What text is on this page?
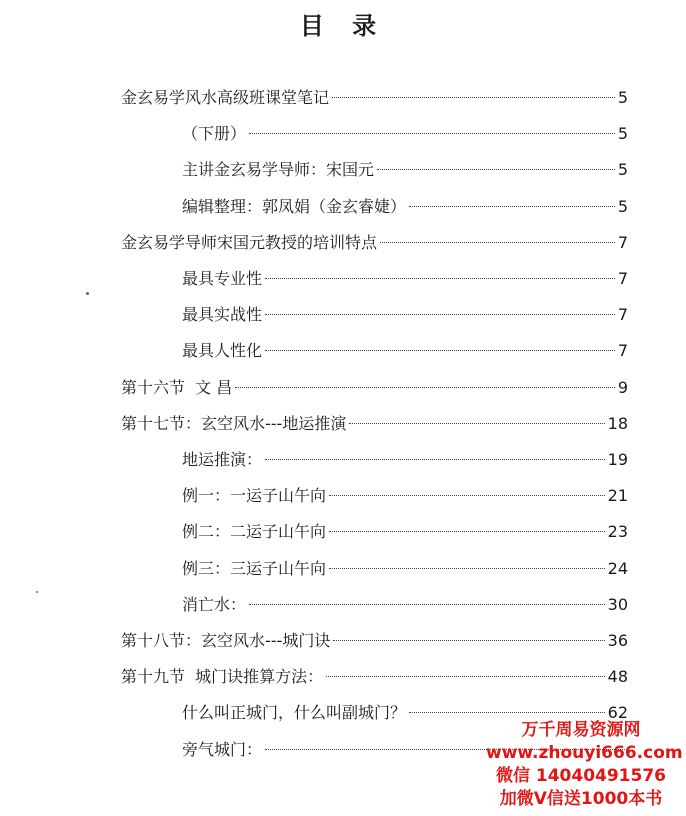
目 录
金玄易学风水高级班课堂笔记	5
（下册）	5
主讲金玄易学导师：宋国元	5
编辑整理：郭凤娟（金玄睿婕）	5
金玄易学导师宋国元教授的培训特点	7
最具专业性	7
最具实战性	7
最具人性化	7
第十六节  文 昌	9
第十七节：玄空风水---地运推演	18
地运推演：	19
例一：一运子山午向	21
例二：二运子山午向	23
例三：三运子山午向	24
消亡水：	30
第十八节：玄空风水---城门诀	36
第十九节  城门诀推算方法：	48
什么叫正城门，什么叫副城门？	62
旁气城门：
万千周易资源网
www.zhouyi666.com
微信 14040491576
加微V信送1000本书
